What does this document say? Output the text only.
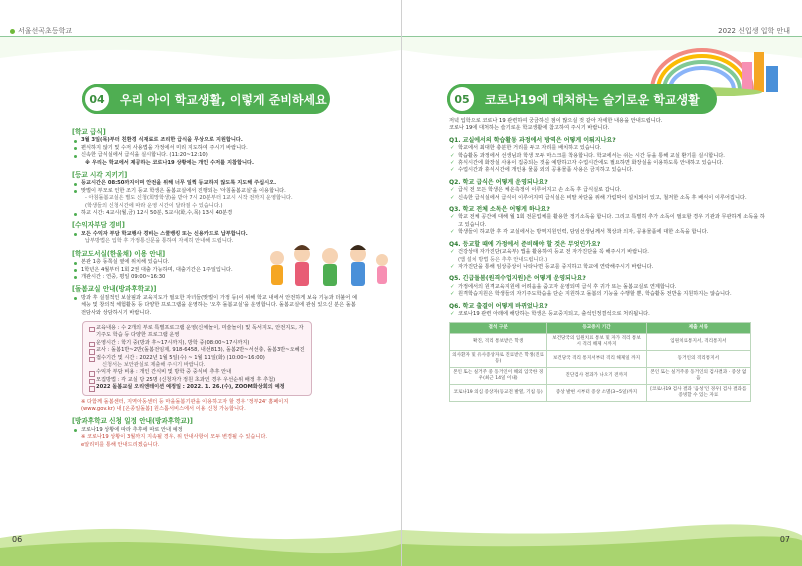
서울선곡초등학교
04	우리 아이 학교생활, 이렇게 준비하세요
[학교 급식]
3월 3일(목)부터 친환경 식재료로 조리한 급식을 무상으로 지원합니다.
편식하지 않기 및 수저 사용법을 가정에서 미리 지도하여 주시기 바랍니다.
신속한 급식실에서 급식을 실시합니다. (11:20~12:10)
※ 우리는 학교에서 제공하는 코로나19 상황에는 개인 수저를 지참합니다.
[등교 시각 지키기]
등교시간은 08:50까지이며 안전을 위해 너무 일찍 등교하지 않도록 지도해 주십시오.
맞벌이 부모로 인한 조기 등교 학생은 돌봄교실에서 진행되는 '아침돌봄교실'을 이용합니다.
- 아침돌봄교실은 별도 신청(희망학생)을 받아 7시 20분부터 1교시 시작 전까지 운영합니다.
(학생들의 신청시간에 따라 운영 시간이 달라질 수 있습니다.)
하교 시간: 4교시(월,금) 12시 50분, 5교시(화,수,목) 13시 40분경
[수익자부담 경비]
모든 수익자 부담 학교행사 경비는 스쿨뱅킹 또는 신용카드로 납부합니다.
납부방법은 입학 후 가정통신문을 통하여 자세히 안내해 드립니다.
[학교도서실(한울채) 이용 안내]
본관 1층 동쪽실 옆에 위치해 있습니다.
1학년은 4월부터 1회 2권 대출 가능하며, 대출기간은 1주일입니다.
개관시간 : 연중, 평일 09:00~16:30
[돌봄교실 안내(방과후학교)]
방과 후 실질적인 보살핌과 교육지도가 필요한 자녀들(맞벌이 가정 등)이 위해 학교 내에서 안전하게 보육 기능과 더불어 예체능 및 창의적 체험활동 등 다양한 프로그램을 운영하는 '오후 돌봄교실'을 운영합니다. 돌봄교실에 관심 있으신 분은 돌봄 전담사와 상담하시기 바랍니다.
교육내용 : 수 2개의 부로 특별프로그램 운영(신체놀이, 미술놀이) 및 독서지도, 안전지도, 자기주도 학습 등 다양한 프로그램 운영
운영시간 : 학기 중(방과 후~17시까지), 방학 중(08:00~17시까지)
교사 : 돌봄1반~2반(돌봄전임제, 918-6458, 내선813), 돌봄2반~서선충, 돌봄3반~오혜진
접수기간 및 시간 : 2022년 1월 5일(수) ~ 1월 11일(화) (10:00~16:00)
신청서는 보안관실로 제출해 주시기 바랍니다.
수익자 부담 비용 : 개인 간식비 및 방학 중 중식비 추후 안내
모집방법 : 각 교실 당 25명 (신청자가 정원 초과인 경우 우선순위 배정 후 추첨)
2022 돌봄교실 오리엔테이션 예정일 : 2022. 1. 26.(수), ZOOM화상회의 예정
※ 다함께 돌봄센터, 지역아동센터 등 마을돌봄기관을 이용하고자 할 경우 '정부24' 홈페이지
(www.gov.kr) 내 [온종일돌봄] 원스톱서비스에서 이용 신청 가능합니다.
[방과후학교 신청 일정 안내(방과후학교)]
코로나19 상황에 따라 추후에 따로 안내 예정
※ 코로나19 상황이 3월까지 지속될 경우, 위 안내사항이 모두 변경될 수 있습니다.
e알리미를 통해 안내드리겠습니다.
06
2022 신입생 입학 안내
05	코로나19에 대처하는 슬기로운 학교생활
저녁 입학으로 코로나 19 관련하여 궁금하신 점이 많으실 것 같아 자세한 내용을 안내드립니다.
코로나 19에 대처하는 슬기로운 학교생활에 참고하여 주시기 바랍니다.
Q1. 교실에서의 학습활동 과정에서 방역은 어떻게 이뤄지나요?
✓ 학교에서 최대한 충분한 거리를 두고 자리를 배치하고 있습니다.
✓ 학습활동 과정에서 선생님과 학생 모두 마스크를 착용합니다. 학교에서는 쉬는 시간 등을 통해 교실 환기를 실시합니다.
✓ 휴식시간에 화장실 사용이 집중되는 것을 예방하고자 수업시간에도 필요하면 화장실을 이용하도록 안내하고 있습니다.
✓ 수업시간과 휴식시간에 개인용 물품 외의 공용물품 사용은 금지하고 있습니다.
Q2. 학교 급식은 어떻게 운영되나요?
✓ 급식 전 모든 학생은 체온측정이 이루어지고 손 소독 후 급식실로 갑니다.
✓ 신속한 급식실에서 급식이 이루어지며 급식실은 비말 차단을 위해 가림막이 설치되어 있고, 철저한 소독 후 배식이 이루어집니다.
Q3. 학교 전체 소독은 어떻게 하나요?
✓ 학교 전체 공간에 대해 월 1회 전문업체를 활용한 정기소독을 합니다. 그리고 특별히 추가 소독이 필요할 경우 기관과 무관하게 소독을 하고 있습니다.
✓ 학생들이 하교한 후 각 교실에서는 방역지원인력, 담임선생님께서 책상과 의자, 공용물품에 대한 소독을 합니다.
Q4. 등교할 때에 가정에서 준비해야 할 것은 무엇인가요?
✓ 건강상태 자가진단(교육부) 앱을 활용하여 등교 전 자가진단을 꼭 해주시기 바랍니다.
(앱 설치 방법 등은 추후 안내드립니다.)
✓ 자가진단을 통해 임상증상이 나타나면 등교를 중지하고 학교에 연락해주시기 바랍니다.
Q5. 긴급돌봄(원격수업지원)은 어떻게 운영되나요?
✓ 가정에서의 원격교육지원에 어려움을 줌고자 운영되며 급식 후 귀가 또는 돌봄교실로 연계합니다.
✓ 원격학습지원은 학생들의 자기주도학습을 단순 지원하고 돌봄의 기능을 수행할 뿐, 학습활동 전반을 지원하지는 않습니다.
Q6. 학교 출결이 어떻게 바뀌었나요?
✓ 코로나19 관련 아래에 해당하는 학생은 등교중지되고, 출석인정결석으로 처리됩니다.
결석 구분	등교중지 기간	제출 서류
확진, 격리 통보받은 학생	보건당국의 입원치료 통보 및 자가 격리 통보 시 격리 해제 시까지	입원치료통지서, 격리통지서
의사환자 및 유사증상자로 진료받은 학생(진료 등)	보건당국 격리 통지서부터 격리 해제일 까지	동거인의 격리통지서
본인 또는 실거주 중 동거인이 해외 입국한 경우(최근 14일 이내)	진단검사 결과가 나오기 전까지	본인 또는 실거주중 동거인의 검사결과 · 증상 없음
코로나19 의심 증상자(등교전 발열, 기침 등)	증상 발현 시부터 증상 소멸(3~5일)까지	[코로나19 검사 결과 '음성'인 경우] 검사 결과를 증빙할 수 있는 자료
07
